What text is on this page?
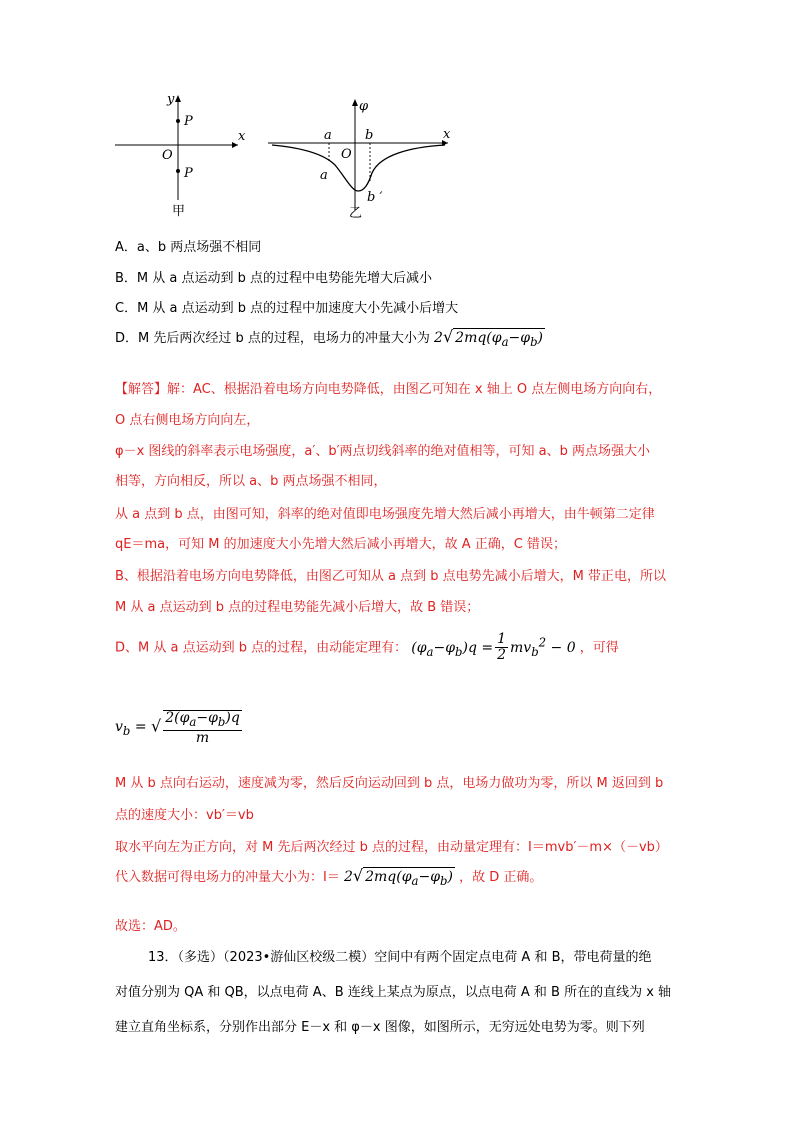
y
x
O
P
P
甲
φ
x
O
a	b
a
b ′
乙
A．a、b 两点场强不相同
B．M 从 a 点运动到 b 点的过程中电势能先增大后减小
C．M 从 a 点运动到 b 点的过程中加速度大小先减小后增大
D．M 先后两次经过 b 点的过程，电场力的冲量大小为 2√ $2mq(\varphi_a-\varphi_b)$
【解答】解：AC、根据沿着电场方向电势降低，由图乙可知在 x 轴上 O 点左侧电场方向向右，
O 点右侧电场方向向左，
φ－x 图线的斜率表示电场强度，a′、b′两点切线斜率的绝对值相等，可知 a、b 两点场强大小
相等，方向相反，所以 a、b 两点场强不相同，
从 a 点到 b 点，由图可知，斜率的绝对值即电场强度先增大然后减小再增大，由牛顿第二定律
qE＝ma，可知 M 的加速度大小先增大然后减小再增大，故 A 正确，C 错误；
B、根据沿着电场方向电势降低，由图乙可知从 a 点到 b 点电势先减小后增大，M 带正电，所以
M 从 a 点运动到 b 点的过程电势能先减小后增大，故 B 错误；
D、M 从 a 点运动到 b 点的过程，由动能定理有： $(\varphi_a-\varphi_b)q = \frac{1}{2} mv_b^2 - 0$ ，可得
$v_b$ = √ $\frac{2(\varphi_a-\varphi_b)q}{m}$
M 从 b 点向右运动，速度减为零，然后反向运动回到 b 点，电场力做功为零，所以 M 返回到 b
点的速度大小：vb′＝vb
取水平向左为正方向，对 M 先后两次经过 b 点的过程，由动量定理有：I＝mvb′－m×（－vb）
代入数据可得电场力的冲量大小为：I＝ 2√ $2mq(\varphi_a-\varphi_b)$ ，故 D 正确。
故选：AD。
13．（多选）（2023•游仙区校级二模）空间中有两个固定点电荷 A 和 B，带电荷量的绝
对值分别为 QA 和 QB，以点电荷 A、B 连线上某点为原点，以点电荷 A 和 B 所在的直线为 x 轴
建立直角坐标系，分别作出部分 E－x 和 φ－x 图像，如图所示，无穷远处电势为零。则下列
